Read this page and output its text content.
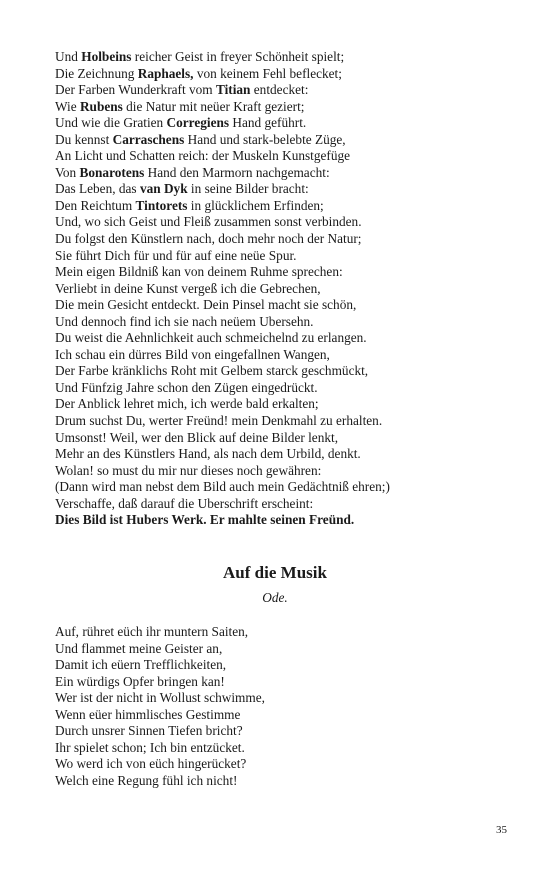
Und Holbeins reicher Geist in freyer Schönheit spielt;
Die Zeichnung Raphaels, von keinem Fehl beflecket;
Der Farben Wunderkraft vom Titian entdecket:
Wie Rubens die Natur mit neüer Kraft geziert;
Und wie die Gratien Corregiens Hand geführt.
Du kennst Carraschens Hand und stark-belebte Züge,
An Licht und Schatten reich: der Muskeln Kunstgefüge
Von Bonarotens Hand den Marmorn nachgemacht:
Das Leben, das van Dyk in seine Bilder bracht:
Den Reichtum Tintorets in glücklichem Erfinden;
Und, wo sich Geist und Fleiß zusammen sonst verbinden.
Du folgst den Künstlern nach, doch mehr noch der Natur;
Sie führt Dich für und für auf eine neüe Spur.
Mein eigen Bildniß kan von deinem Ruhme sprechen:
Verliebt in deine Kunst vergeß ich die Gebrechen,
Die mein Gesicht entdeckt. Dein Pinsel macht sie schön,
Und dennoch find ich sie nach neüem Ubersehn.
Du weist die Aehnlichkeit auch schmeichelnd zu erlangen.
Ich schau ein dürres Bild von eingefallnen Wangen,
Der Farbe kränklichs Roht mit Gelbem starck geschmückt,
Und Fünfzig Jahre schon den Zügen eingedrückt.
Der Anblick lehret mich, ich werde bald erkalten;
Drum suchst Du, werter Freünd! mein Denkmahl zu erhalten.
Umsonst! Weil, wer den Blick auf deine Bilder lenkt,
Mehr an des Künstlers Hand, als nach dem Urbild, denkt.
Wolan! so must du mir nur dieses noch gewähren:
(Dann wird man nebst dem Bild auch mein Gedächtniß ehren;)
Verschaffe, daß darauf die Uberschrift erscheint:
Dies Bild ist Hubers Werk. Er mahlte seinen Freünd.
Auf die Musik
Ode.
Auf, rühret eüch ihr muntern Saiten,
Und flammet meine Geister an,
Damit ich eüern Trefflichkeiten,
Ein würdigs Opfer bringen kan!
Wer ist der nicht in Wollust schwimme,
Wenn eüer himmlisches Gestimme
Durch unsrer Sinnen Tiefen bricht?
Ihr spielet schon; Ich bin entzücket.
Wo werd ich von eüch hingerücket?
Welch eine Regung fühl ich nicht!
35
